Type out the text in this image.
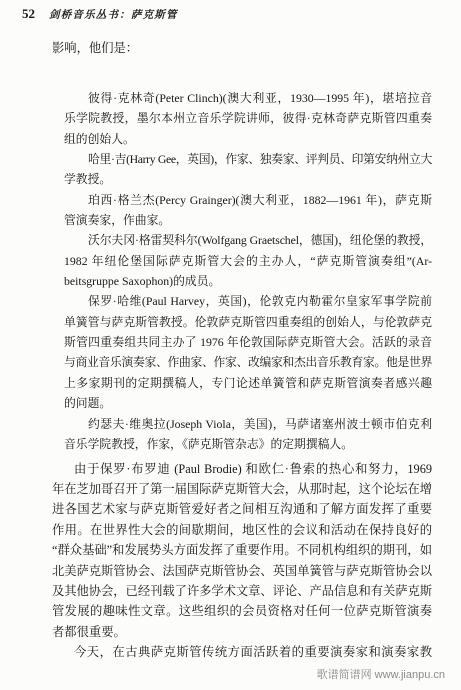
52 剑桥音乐丛书：萨克斯管
影响，他们是：
彼得·克林奇(Peter Clinch)(澳大利亚，1930—1995 年)，堪培拉音
乐学院教授，墨尔本州立音乐学院讲师，彼得·克林奇萨克斯管四重奏
组的创始人。
哈里·吉(Harry Gee，英国)，作家、独奏家、评判员、印第安纳州立大
学教授。
珀西·格兰杰(Percy Grainger)(澳大利亚，1882—1961 年)，萨克斯
管演奏家，作曲家。
沃尔夫冈·格雷契科尔(Wolfgang Graetschel，德国)，纽伦堡的教授，
1982 年纽伦堡国际萨克斯管大会的主办人，“萨克斯管演奏组”(Ar-
beitsgruppe Saxophon)的成员。
保罗·哈维(Paul Harvey，英国)，伦敦克内勒霍尔皇家军事学院前
单簧管与萨克斯管教授。伦敦萨克斯管四重奏组的创始人，与伦敦萨克
斯管四重奏组共同主办了 1976 年伦敦国际萨克斯管大会。活跃的录音
与商业音乐演奏家、作曲家、作家、改编家和杰出音乐教育家。他是世界
上多家期刊的定期撰稿人，专门论述单簧管和萨克斯管演奏者感兴趣
的问题。
约瑟夫·维奥拉(Joseph Viola，美国)，马萨诸塞州波士顿市伯克利
音乐学院教授，作家，《萨克斯管杂志》的定期撰稿人。
由于保罗·布罗迪 (Paul Brodie) 和欧仁·鲁索的热心和努力，1969
年在芝加哥召开了第一届国际萨克斯管大会，从那时起，这个论坛在增
进各国艺术家与萨克斯管爱好者之间相互沟通和了解方面发挥了重要
作用。在世界性大会的间歇期间，地区性的会议和活动在保持良好的
“群众基础”和发展势头方面发挥了重要作用。不同机构组织的期刊，如
北美萨克斯管协会、法国萨克斯管协会、英国单簧管与萨克斯管协会以
及其他协会，已经刊载了许多学术文章、评论、产品信息和有关萨克斯
管发展的趣味性文章。这些组织的会员资格对任何一位萨克斯管演奏
者都很重要。
今天，在古典萨克斯管传统方面活跃着的重要演奏家和演奏家教
歌谱简谱网 www.jianpu.cn
